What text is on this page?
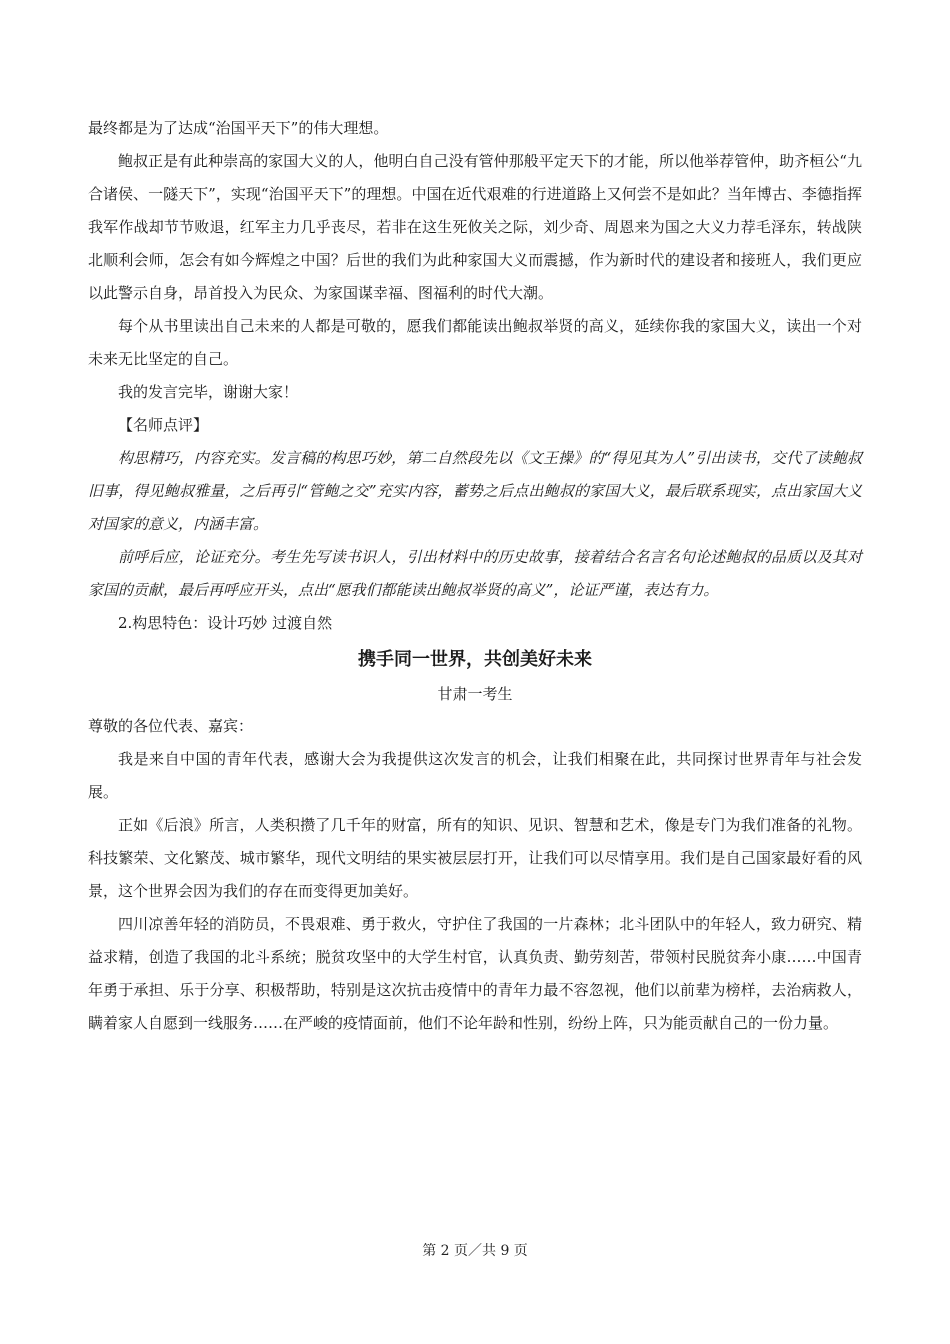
最终都是为了达成“治国平天下”的伟大理想。

鲍叔正是有此种崇高的家国大义的人，他明白自己没有管仲那般平定天下的才能，所以他举荐管仲，助齐桓公“九合诸侯、一隧天下”，实现“治国平天下”的理想。中国在近代艰难的行进道路上又何尝不是如此？当年博古、李德指挥我军作战却节节败退，红军主力几乎丧尽，若非在这生死攸关之际，刘少奇、周恩来为国之大义力荐毛泽东，转战陕北顺利会师，怎会有如今辉煌之中国？后世的我们为此种家国大义而震撼，作为新时代的建设者和接班人，我们更应以此警示自身，昂首投入为民众、为家国谋幸福、图福利的时代大潮。

每个从书里读出自己未来的人都是可敬的，愿我们都能读出鲍叔举贤的高义，延续你我的家国大义，读出一个对未来无比坚定的自己。

我的发言完毕，谢谢大家！

【名师点评】

构思精巧，内容充实。发言稿的构思巧妙，第二自然段先以《文王操》的“得见其为人”引出读书，交代了读鲍叔旧事，得见鲍叔雅量，之后再引“管鲍之交”充实内容，蓄势之后点出鲍叔的家国大义，最后联系现实，点出家国大义对国家的意义，内涵丰富。

前呼后应，论证充分。考生先写读书识人，引出材料中的历史故事，接着结合名言名句论述鲍叔的品质以及其对家国的贡献，最后再呼应开头，点出“愿我们都能读出鲍叔举贤的高义”，论证严谨，表达有力。

2.构思特色：设计巧妙 过渡自然

携手同一世界，共创美好未来

甘肃一考生

尊敬的各位代表、嘉宾：

我是来自中国的青年代表，感谢大会为我提供这次发言的机会，让我们相聚在此，共同探讨世界青年与社会发展。

正如《后浪》所言，人类积攒了几千年的财富，所有的知识、见识、智慧和艺术，像是专门为我们准备的礼物。科技繁荣、文化繁茂、城市繁华，现代文明结的果实被层层打开，让我们可以尽情享用。我们是自己国家最好看的风景，这个世界会因为我们的存在而变得更加美好。

四川凉善年轻的消防员，不畏艰难、勇于救火，守护住了我国的一片森林；北斗团队中的年轻人，致力研究、精益求精，创造了我国的北斗系统；脱贫攻坚中的大学生村官，认真负责、勤劳刻苦，带领村民脱贫奔小康……中国青年勇于承担、乐于分享、积极帮助，特别是这次抗击疫情中的青年力最不容忽视，他们以前辈为榜样，去治病救人，瞒着家人自愿到一线服务……在严峻的疫情面前，他们不论年龄和性别，纷纷上阵，只为能贡献自己的一份力量。

第 2 页／共 9 页
